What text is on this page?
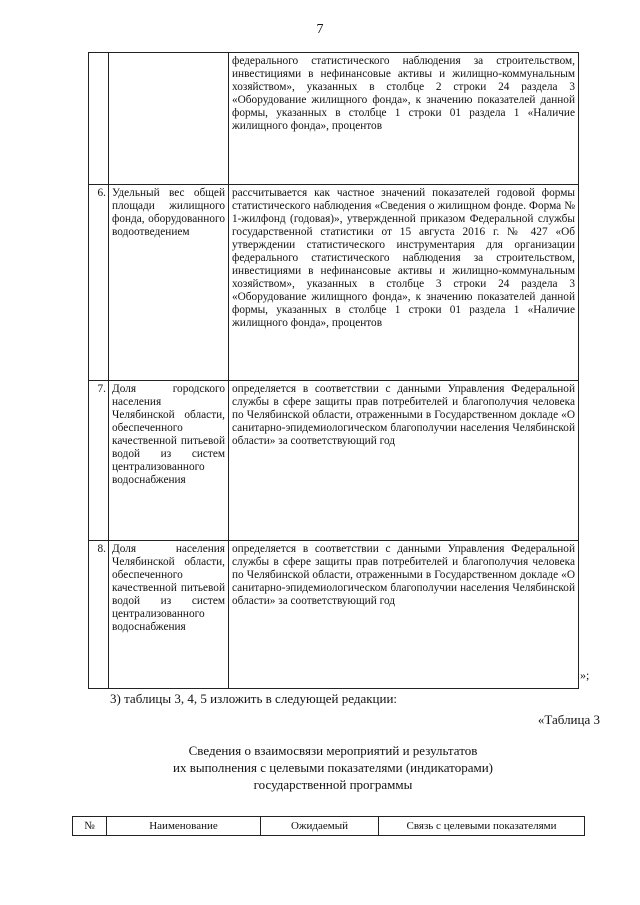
7
		федерального статистического наблюдения за строительством, инвестициями в нефинансовые активы и жилищно-коммунальным хозяйством», указанных в столбце 2 строки 24 раздела 3 «Оборудование жилищного фонда», к значению показателей данной формы, указанных в столбце 1 строки 01 раздела 1 «Наличие жилищного фонда», процентов
6.	Удельный вес общей площади жилищного фонда, оборудованного водоотведением	рассчитывается как частное значений показателей годовой формы статистического наблюдения «Сведения о жилищном фонде. Форма № 1-жилфонд (годовая)», утвержденной приказом Федеральной службы государственной статистики от 15 августа 2016 г. № 427 «Об утверждении статистического инструментария для организации федерального статистического наблюдения за строительством, инвестициями в нефинансовые активы и жилищно-коммунальным хозяйством», указанных в столбце 3 строки 24 раздела 3 «Оборудование жилищного фонда», к значению показателей данной формы, указанных в столбце 1 строки 01 раздела 1 «Наличие жилищного фонда», процентов
7.	Доля городского населения Челябинской области, обеспеченного качественной питьевой водой из систем централизованного водоснабжения	определяется в соответствии с данными Управления Федеральной службы в сфере защиты прав потребителей и благополучия человека по Челябинской области, отраженными в Государственном докладе «О санитарно-эпидемиологическом благополучии населения Челябинской области» за соответствующий год
8.	Доля населения Челябинской области, обеспеченного качественной питьевой водой из систем централизованного водоснабжения	определяется в соответствии с данными Управления Федеральной службы в сфере защиты прав потребителей и благополучия человека по Челябинской области, отраженными в Государственном докладе «О санитарно-эпидемиологическом благополучии населения Челябинской области» за соответствующий год
»;
3) таблицы 3, 4, 5 изложить в следующей редакции:
«Таблица 3
Сведения о взаимосвязи мероприятий и результатов
их выполнения с целевыми показателями (индикаторами)
государственной программы
№	Наименование	Ожидаемый	Связь с целевыми показателями
